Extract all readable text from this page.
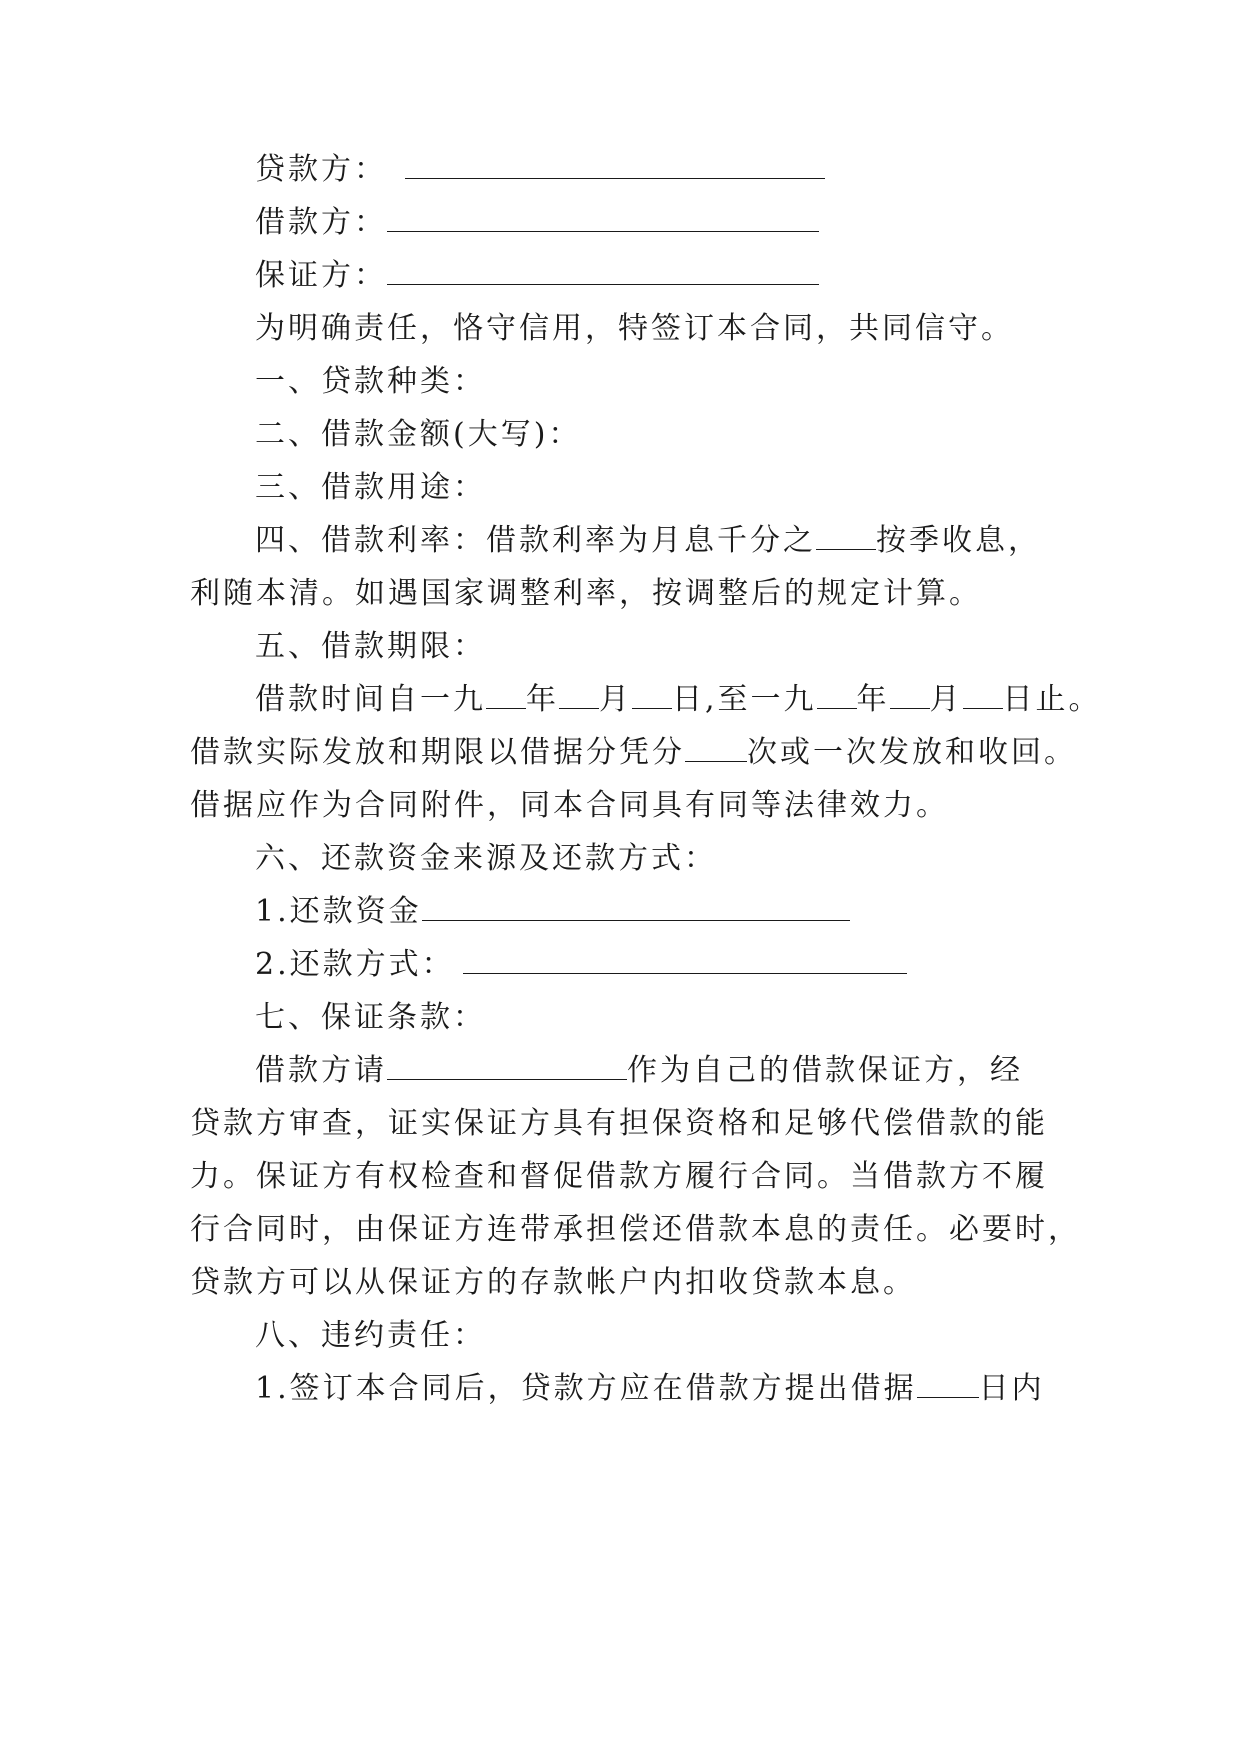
贷款方：
借款方：
保证方：
为明确责任，恪守信用，特签订本合同，共同信守。
一、贷款种类：
二、借款金额(大写)：
三、借款用途：
四、借款利率：借款利率为月息千分之 按季收息，
利随本清。如遇国家调整利率，按调整后的规定计算。
五、借款期限：
借款时间自一九 年 月 日,至一九 年 月 日止。
借款实际发放和期限以借据分凭分 次或一次发放和收回。
借据应作为合同附件，同本合同具有同等法律效力。
六、还款资金来源及还款方式：
1.还款资金
2.还款方式：
七、保证条款：
借款方请	作为自己的借款保证方，经
贷款方审查，证实保证方具有担保资格和足够代偿借款的能
力。保证方有权检查和督促借款方履行合同。当借款方不履
行合同时，由保证方连带承担偿还借款本息的责任。必要时，
贷款方可以从保证方的存款帐户内扣收贷款本息。
八、违约责任：
1.签订本合同后，贷款方应在借款方提出借据 日内
